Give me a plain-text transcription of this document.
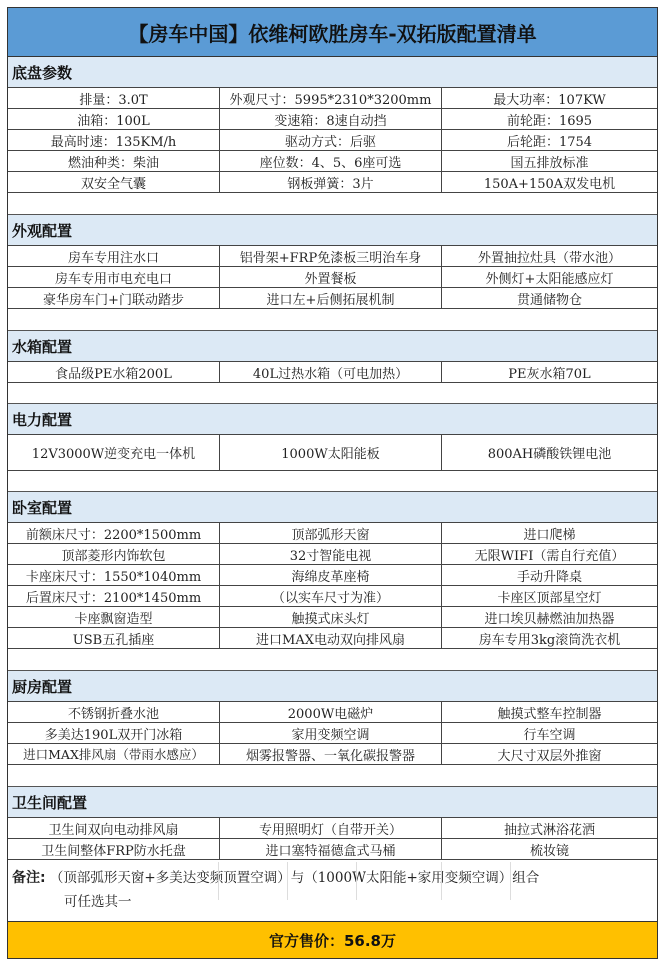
【房车中国】依维柯欧胜房车-双拓版配置清单
底盘参数
排量：3.0T	外观尺寸：5995*2310*3200mm	最大功率：107KW
油箱：100L	变速箱：8速自动挡	前轮距：1695
最高时速：135KM/h	驱动方式：后驱	后轮距：1754
燃油种类：柴油	座位数：4、5、6座可选	国五排放标准
双安全气囊	钢板弹簧：3片	150A+150A双发电机
外观配置
房车专用注水口	铝骨架+FRP免漆板三明治车身	外置抽拉灶具（带水池）
房车专用市电充电口	外置餐板	外侧灯+太阳能感应灯
豪华房车门+门联动踏步	进口左+后侧拓展机制	贯通储物仓
水箱配置
食品级PE水箱200L	40L过热水箱（可电加热）	PE灰水箱70L
电力配置
12V3000W逆变充电一体机	1000W太阳能板	800AH磷酸铁锂电池
卧室配置
前额床尺寸：2200*1500mm	顶部弧形天窗	进口爬梯
顶部菱形内饰软包	32寸智能电视	无限WIFI（需自行充值）
卡座床尺寸：1550*1040mm	海绵皮革座椅	手动升降桌
后置床尺寸：2100*1450mm	（以实车尺寸为准）	卡座区顶部星空灯
卡座飘窗造型	触摸式床头灯	进口埃贝赫燃油加热器
USB五孔插座	进口MAX电动双向排风扇	房车专用3kg滚筒洗衣机
厨房配置
不锈钢折叠水池	2000W电磁炉	触摸式整车控制器
多美达190L双开门冰箱	家用变频空调	行车空调
进口MAX排风扇（带雨水感应）	烟雾报警器、一氧化碳报警器	大尺寸双层外推窗
卫生间配置
卫生间双向电动排风扇	专用照明灯（自带开关）	抽拉式淋浴花洒
卫生间整体FRP防水托盘	进口塞特福德盒式马桶	梳妆镜
备注: （顶部弧形天窗+多美达变频顶置空调）与（1000W太阳能+家用变频空调）组合
可任选其一
官方售价：56.8万
